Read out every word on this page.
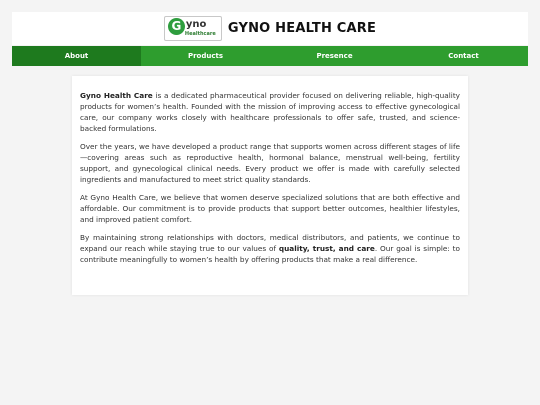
G yno
Healthcare GYNO HEALTH CARE
About	Products	Presence	Contact

Gyno Health Care is a dedicated pharmaceutical provider focused on delivering reliable, high-quality products for women’s health. Founded with the mission of improving access to effective gynecological care, our company works closely with healthcare professionals to offer safe, trusted, and science-backed formulations.

Over the years, we have developed a product range that supports women across different stages of life—covering areas such as reproductive health, hormonal balance, menstrual well-being, fertility support, and gynecological clinical needs. Every product we offer is made with carefully selected ingredients and manufactured to meet strict quality standards.

At Gyno Health Care, we believe that women deserve specialized solutions that are both effective and affordable. Our commitment is to provide products that support better outcomes, healthier lifestyles, and improved patient comfort.

By maintaining strong relationships with doctors, medical distributors, and patients, we continue to expand our reach while staying true to our values of quality, trust, and care. Our goal is simple: to contribute meaningfully to women’s health by offering products that make a real difference.
